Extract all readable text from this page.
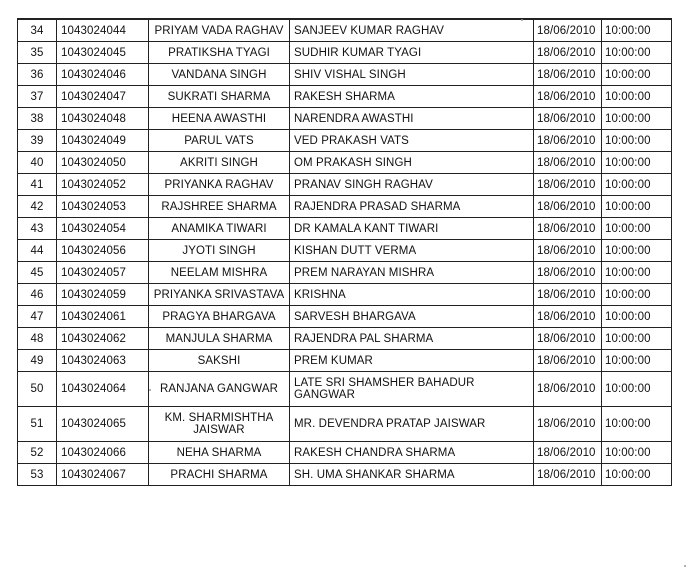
34	1043024044	PRIYAM VADA RAGHAV	SANJEEV KUMAR RAGHAV	18/06/2010	10:00:00
35	1043024045	PRATIKSHA TYAGI	SUDHIR KUMAR TYAGI	18/06/2010	10:00:00
36	1043024046	VANDANA SINGH	SHIV VISHAL SINGH	18/06/2010	10:00:00
37	1043024047	SUKRATI SHARMA	RAKESH SHARMA	18/06/2010	10:00:00
38	1043024048	HEENA AWASTHI	NARENDRA AWASTHI	18/06/2010	10:00:00
39	1043024049	PARUL VATS	VED PRAKASH VATS	18/06/2010	10:00:00
40	1043024050	AKRITI SINGH	OM PRAKASH SINGH	18/06/2010	10:00:00
41	1043024052	PRIYANKA RAGHAV	PRANAV SINGH RAGHAV	18/06/2010	10:00:00
42	1043024053	RAJSHREE SHARMA	RAJENDRA PRASAD SHARMA	18/06/2010	10:00:00
43	1043024054	ANAMIKA TIWARI	DR KAMALA KANT TIWARI	18/06/2010	10:00:00
44	1043024056	JYOTI SINGH	KISHAN DUTT VERMA	18/06/2010	10:00:00
45	1043024057	NEELAM MISHRA	PREM NARAYAN MISHRA	18/06/2010	10:00:00
46	1043024059	PRIYANKA SRIVASTAVA	KRISHNA	18/06/2010	10:00:00
47	1043024061	PRAGYA BHARGAVA	SARVESH BHARGAVA	18/06/2010	10:00:00
48	1043024062	MANJULA SHARMA	RAJENDRA PAL SHARMA	18/06/2010	10:00:00
49	1043024063	SAKSHI	PREM KUMAR	18/06/2010	10:00:00
50	1043024064	RANJANA GANGWAR	LATE SRI SHAMSHER BAHADUR GANGWAR	18/06/2010	10:00:00
51	1043024065	KM. SHARMISHTHA JAISWAR	MR. DEVENDRA PRATAP JAISWAR	18/06/2010	10:00:00
52	1043024066	NEHA SHARMA	RAKESH CHANDRA SHARMA	18/06/2010	10:00:00
53	1043024067	PRACHI SHARMA	SH. UMA SHANKAR SHARMA	18/06/2010	10:00:00
